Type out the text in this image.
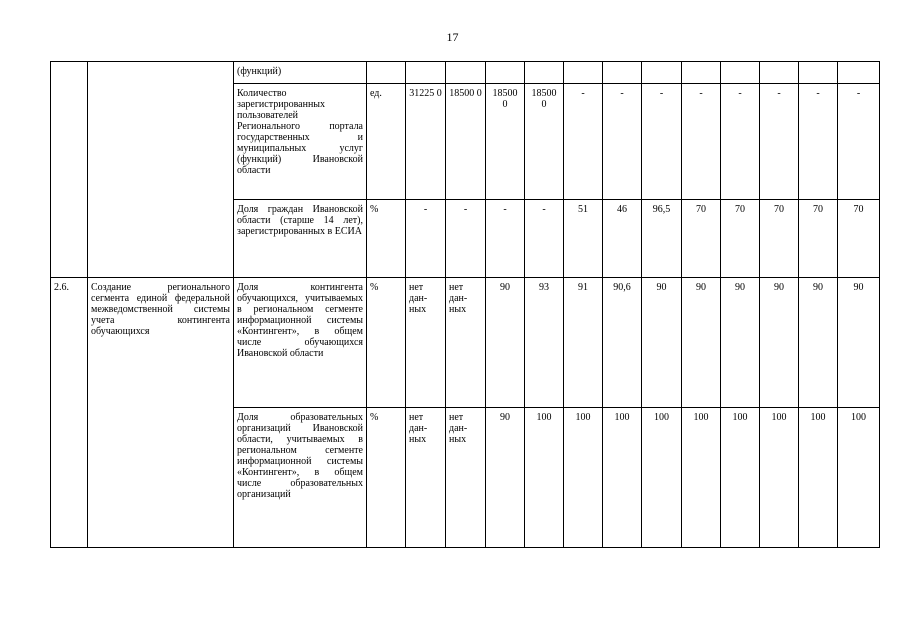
17
		(функций)													
		Количество зарегистрированных пользователей Регионального портала государственных и муниципальных услуг (функций) Ивановской области	ед.	31225 0	18500 0	18500 0	18500 0	-	-	-	-	-	-	-	-
		Доля граждан Ивановской области (старше 14 лет), зарегистрированных в ЕСИА	%	-	-	-	-	51	46	96,5	70	70	70	70	70
2.6.	Создание регионального сегмента единой федеральной межведомственной системы учета контингента обучающихся	Доля контингента обучающихся, учитываемых в региональном сегменте информационной системы «Контингент», в общем числе обучающихся Ивановской области	%	нет дан- ных	нет дан- ных	90	93	91	90,6	90	90	90	90	90	90
		Доля образовательных организаций Ивановской области, учитываемых в региональном сегменте информационной системы «Контингент», в общем числе образовательных организаций	%	нет дан- ных	нет дан- ных	90	100	100	100	100	100	100	100	100	100
